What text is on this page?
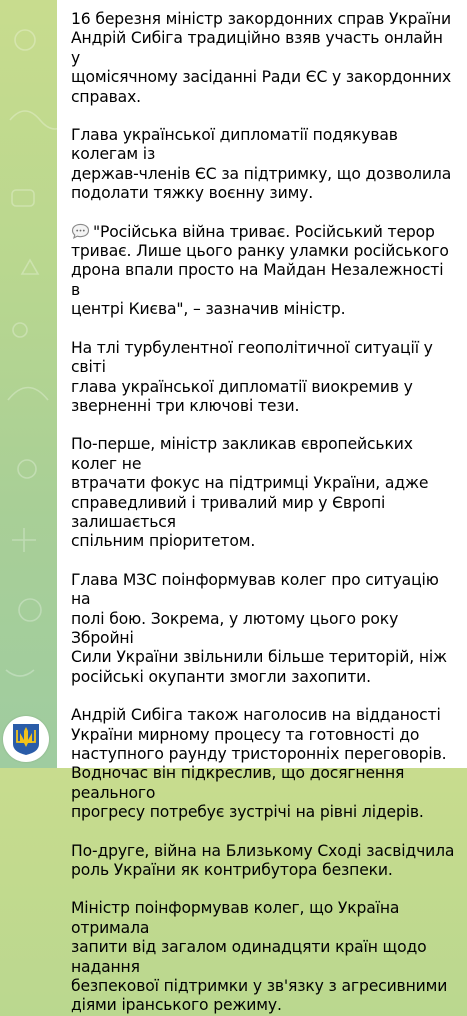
16 березня міністр закордонних справ України
Андрій Сибіга традиційно взяв участь онлайн у
щомісячному засіданні Ради ЄС у закордонних
справах.

Глава української дипломатії подякував колегам із
держав-членів ЄС за підтримку, що дозволила
подолати тяжку воєнну зиму.

"Російська війна триває. Російський терор
триває. Лише цього ранку уламки російського
дрона впали просто на Майдан Незалежності в
центрі Києва", – зазначив міністр.

На тлі турбулентної геополітичної ситуації у світі
глава української дипломатії виокремив у
зверненні три ключові тези.

По-перше, міністр закликав європейських колег не
втрачати фокус на підтримці України, адже
справедливий і тривалий мир у Європі залишається
спільним пріоритетом.

Глава МЗС поінформував колег про ситуацію на
полі бою. Зокрема, у лютому цього року Збройні
Сили України звільнили більше територій, ніж
російські окупанти змогли захопити.

Андрій Сибіга також наголосив на відданості
України мирному процесу та готовності до
наступного раунду тристоронніх переговорів.
Водночас він підкреслив, що досягнення реального
прогресу потребує зустрічі на рівні лідерів.

По-друге, війна на Близькому Сході засвідчила
роль України як контрибутора безпеки.

Міністр поінформував колег, що Україна отримала
запити від загалом одинадцяти країн щодо надання
безпекової підтримки у зв'язку з агресивними
діями іранського режиму.
